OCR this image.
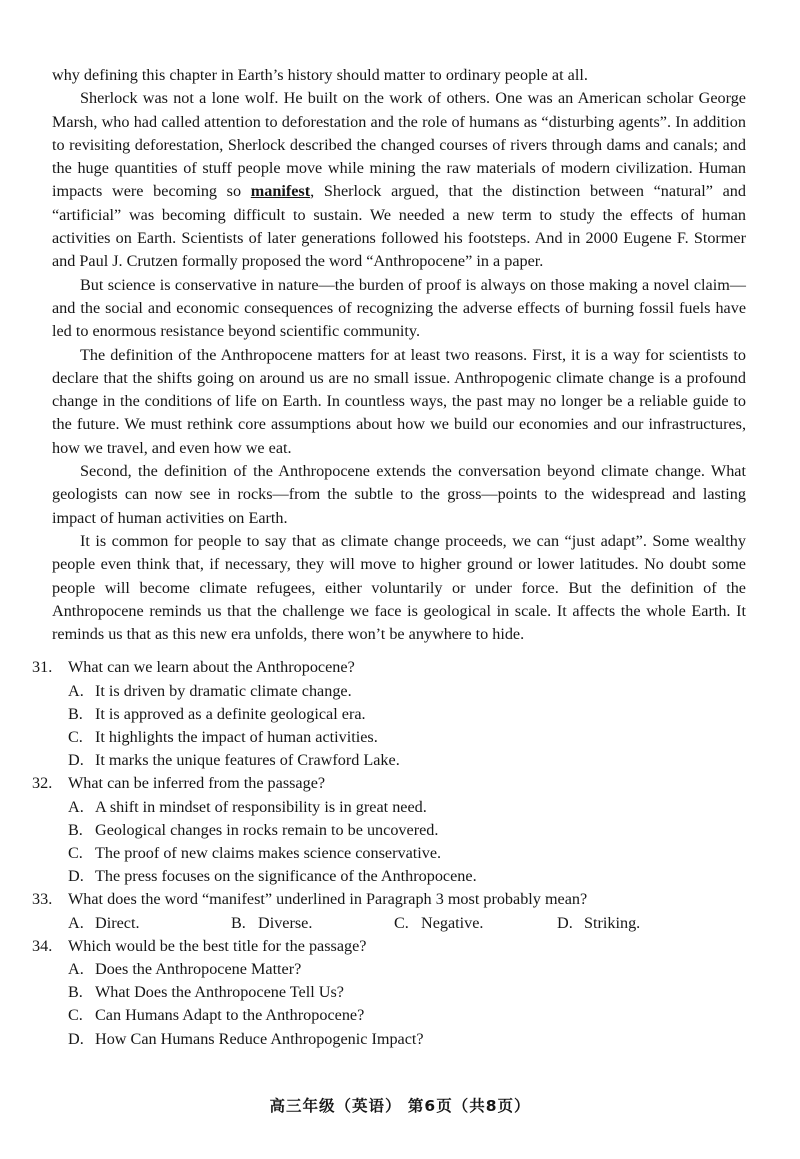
why defining this chapter in Earth’s history should matter to ordinary people at all.

Sherlock was not a lone wolf. He built on the work of others. One was an American scholar George Marsh, who had called attention to deforestation and the role of humans as “disturbing agents”. In addition to revisiting deforestation, Sherlock described the changed courses of rivers through dams and canals; and the huge quantities of stuff people move while mining the raw materials of modern civilization. Human impacts were becoming so manifest, Sherlock argued, that the distinction between “natural” and “artificial” was becoming difficult to sustain. We needed a new term to study the effects of human activities on Earth. Scientists of later generations followed his footsteps. And in 2000 Eugene F. Stormer and Paul J. Crutzen formally proposed the word “Anthropocene” in a paper.

But science is conservative in nature—the burden of proof is always on those making a novel claim—and the social and economic consequences of recognizing the adverse effects of burning fossil fuels have led to enormous resistance beyond scientific community.

The definition of the Anthropocene matters for at least two reasons. First, it is a way for scientists to declare that the shifts going on around us are no small issue. Anthropogenic climate change is a profound change in the conditions of life on Earth. In countless ways, the past may no longer be a reliable guide to the future. We must rethink core assumptions about how we build our economies and our infrastructures, how we travel, and even how we eat.

Second, the definition of the Anthropocene extends the conversation beyond climate change. What geologists can now see in rocks—from the subtle to the gross—points to the widespread and lasting impact of human activities on Earth.

It is common for people to say that as climate change proceeds, we can “just adapt”. Some wealthy people even think that, if necessary, they will move to higher ground or lower latitudes. No doubt some people will become climate refugees, either voluntarily or under force. But the definition of the Anthropocene reminds us that the challenge we face is geological in scale. It affects the whole Earth. It reminds us that as this new era unfolds, there won’t be anywhere to hide.

31. What can we learn about the Anthropocene?
A. It is driven by dramatic climate change.
B. It is approved as a definite geological era.
C. It highlights the impact of human activities.
D. It marks the unique features of Crawford Lake.
32. What can be inferred from the passage?
A. A shift in mindset of responsibility is in great need.
B. Geological changes in rocks remain to be uncovered.
C. The proof of new claims makes science conservative.
D. The press focuses on the significance of the Anthropocene.
33. What does the word “manifest” underlined in Paragraph 3 most probably mean?
A. Direct.	B. Diverse.	C. Negative.	D. Striking.
34. Which would be the best title for the passage?
A. Does the Anthropocene Matter?
B. What Does the Anthropocene Tell Us?
C. Can Humans Adapt to the Anthropocene?
D. How Can Humans Reduce Anthropogenic Impact?
高三年级（英语） 第6页（共8页）
